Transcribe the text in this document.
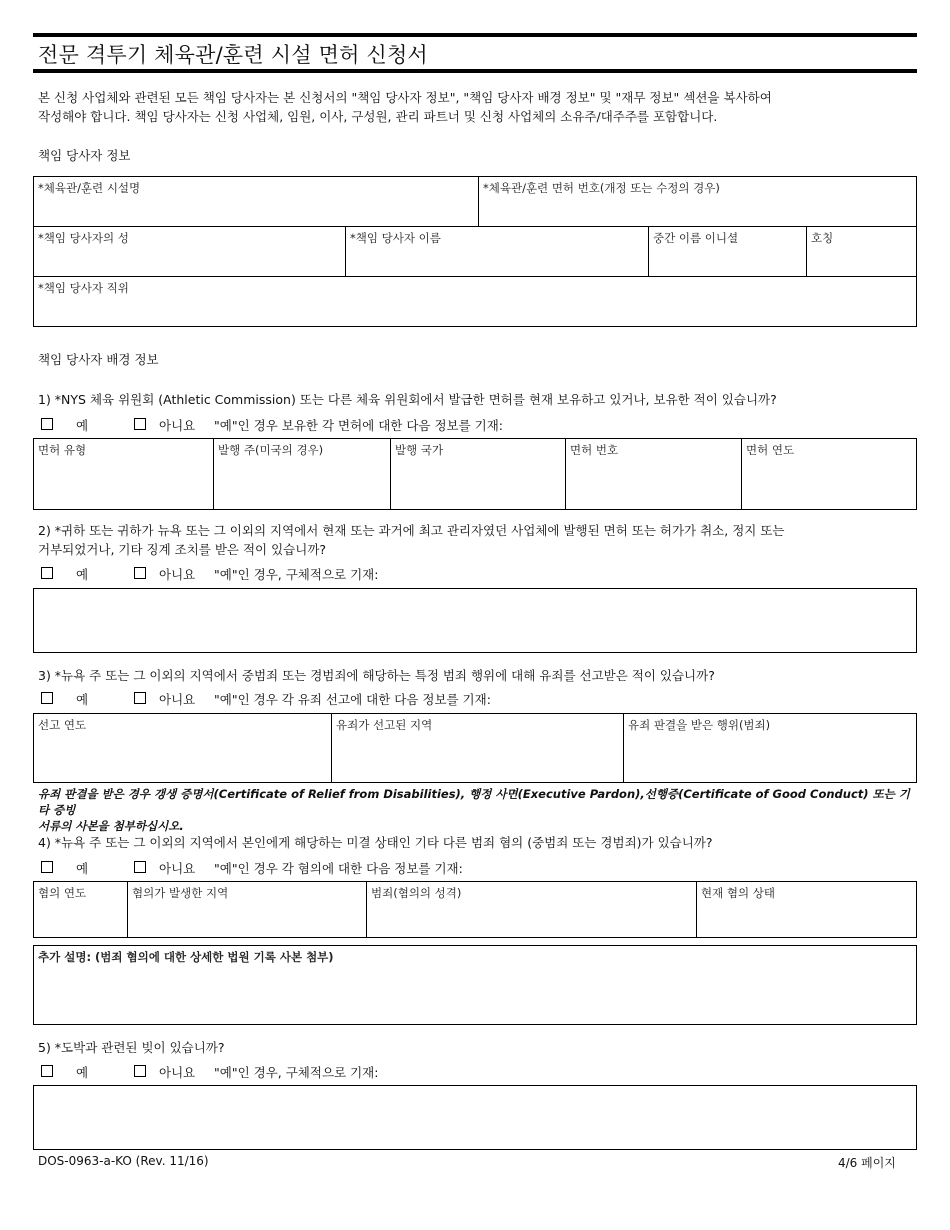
전문 격투기 체육관/훈련 시설 면허 신청서
본 신청 사업체와 관련된 모든 책임 당사자는 본 신청서의 "책임 당사자 정보", "책임 당사자 배경 정보" 및 "재무 정보" 섹션을 복사하여
작성해야 합니다. 책임 당사자는 신청 사업체, 임원, 이사, 구성원, 관리 파트너 및 신청 사업체의 소유주/대주주를 포함합니다.
책임 당사자 정보
*체육관/훈련 시설명	*체육관/훈련 면허 번호(개정 또는 수정의 경우)
*책임 당사자의 성	*책임 당사자 이름	중간 이름 이니셜	호칭
*책임 당사자 직위
책임 당사자 배경 정보
1) *NYS 체육 위원회 (Athletic Commission) 또는 다른 체육 위원회에서 발급한 면허를 현재 보유하고 있거나, 보유한 적이 있습니까?
예	아니요 "예"인 경우 보유한 각 면허에 대한 다음 정보를 기재:
면허 유형	발행 주(미국의 경우)	발행 국가	면허 번호	면허 연도
2) *귀하 또는 귀하가 뉴욕 또는 그 이외의 지역에서 현재 또는 과거에 최고 관리자였던 사업체에 발행된 면허 또는 허가가 취소, 정지 또는
거부되었거나, 기타 징계 조치를 받은 적이 있습니까?
예	아니요 "예"인 경우, 구체적으로 기재:
3) *뉴욕 주 또는 그 이외의 지역에서 중범죄 또는 경범죄에 해당하는 특정 범죄 행위에 대해 유죄를 선고받은 적이 있습니까?
예	아니요 "예"인 경우 각 유죄 선고에 대한 다음 정보를 기재:
선고 연도	유죄가 선고된 지역	유죄 판결을 받은 행위(범죄)
유죄 판결을 받은 경우 갱생 증명서(Certificate of Relief from Disabilities), 행정 사면(Executive Pardon),선행증(Certificate of Good Conduct) 또는 기타 증빙
서류의 사본을 첨부하십시오.
4) *뉴욕 주 또는 그 이외의 지역에서 본인에게 해당하는 미결 상태인 기타 다른 범죄 혐의 (중범죄 또는 경범죄)가 있습니까?
예	아니요 "예"인 경우 각 혐의에 대한 다음 정보를 기재:
혐의 연도	혐의가 발생한 지역	범죄(혐의의 성격)	현재 혐의 상태
추가 설명: (범죄 혐의에 대한 상세한 법원 기록 사본 첨부)
5) *도박과 관련된 빚이 있습니까?
예	아니요 "예"인 경우, 구체적으로 기재:
DOS-0963-a-KO (Rev. 11/16)	4/6 페이지
